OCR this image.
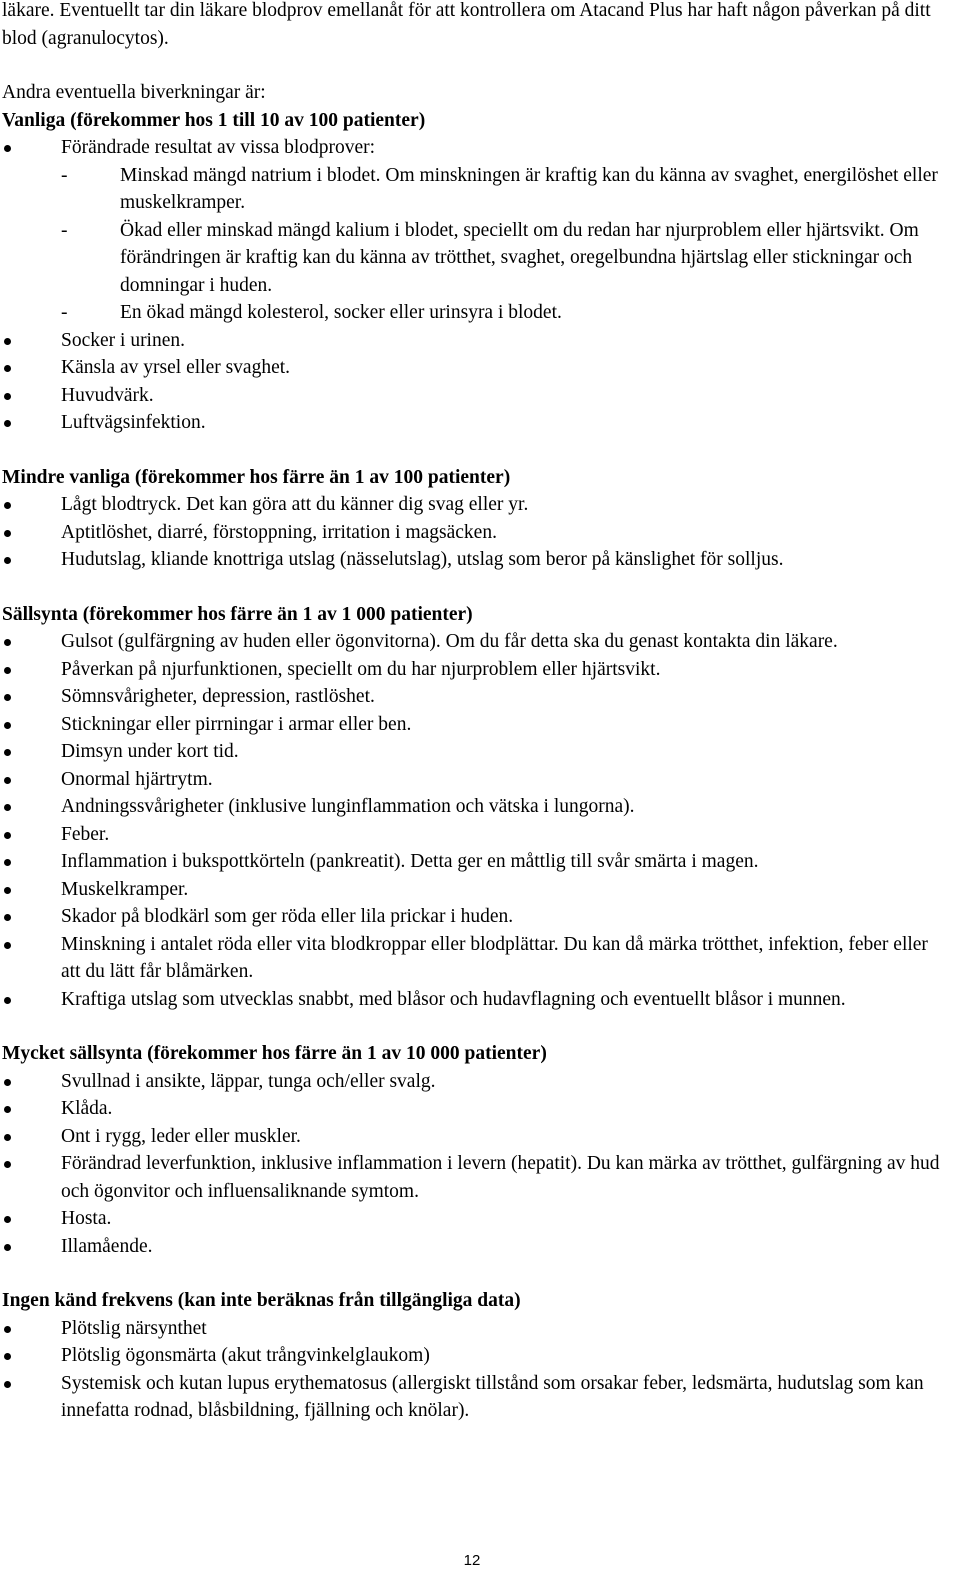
läkare. Eventuellt tar din läkare blodprov emellanåt för att kontrollera om Atacand Plus har haft någon påverkan på ditt blod (agranulocytos).

Andra eventuella biverkningar är:

Vanliga (förekommer hos 1 till 10 av 100 patienter)

Förändrade resultat av vissa blodprover:
- Minskad mängd natrium i blodet. Om minskningen är kraftig kan du känna av svaghet, energilöshet eller muskelkramper.
- Ökad eller minskad mängd kalium i blodet, speciellt om du redan har njurproblem eller hjärtsvikt. Om förändringen är kraftig kan du känna av trötthet, svaghet, oregelbundna hjärtslag eller stickningar och domningar i huden.
- En ökad mängd kolesterol, socker eller urinsyra i blodet.
Socker i urinen.
Känsla av yrsel eller svaghet.
Huvudvärk.
Luftvägsinfektion.

Mindre vanliga (förekommer hos färre än 1 av 100 patienter)

Lågt blodtryck. Det kan göra att du känner dig svag eller yr.
Aptitlöshet, diarré, förstoppning, irritation i magsäcken.
Hudutslag, kliande knottriga utslag (nässelutslag), utslag som beror på känslighet för solljus.

Sällsynta (förekommer hos färre än 1 av 1 000 patienter)

Gulsot (gulfärgning av huden eller ögonvitorna). Om du får detta ska du genast kontakta din läkare.
Påverkan på njurfunktionen, speciellt om du har njurproblem eller hjärtsvikt.
Sömnsvårigheter, depression, rastlöshet.
Stickningar eller pirrningar i armar eller ben.
Dimsyn under kort tid.
Onormal hjärtrytm.
Andningssvårigheter (inklusive lunginflammation och vätska i lungorna).
Feber.
Inflammation i bukspottkörteln (pankreatit). Detta ger en måttlig till svår smärta i magen.
Muskelkramper.
Skador på blodkärl som ger röda eller lila prickar i huden.
Minskning i antalet röda eller vita blodkroppar eller blodplättar. Du kan då märka trötthet, infektion, feber eller att du lätt får blåmärken.
Kraftiga utslag som utvecklas snabbt, med blåsor och hudavflagning och eventuellt blåsor i munnen.

Mycket sällsynta (förekommer hos färre än 1 av 10 000 patienter)

Svullnad i ansikte, läppar, tunga och/eller svalg.
Klåda.
Ont i rygg, leder eller muskler.
Förändrad leverfunktion, inklusive inflammation i levern (hepatit). Du kan märka av trötthet, gulfärgning av hud och ögonvitor och influensaliknande symtom.
Hosta.
Illamående.

Ingen känd frekvens (kan inte beräknas från tillgängliga data)

Plötslig närsynthet
Plötslig ögonsmärta (akut trångvinkelglaukom)
Systemisk och kutan lupus erythematosus (allergiskt tillstånd som orsakar feber, ledsmärta, hudutslag som kan innefatta rodnad, blåsbildning, fjällning och knölar).
12
